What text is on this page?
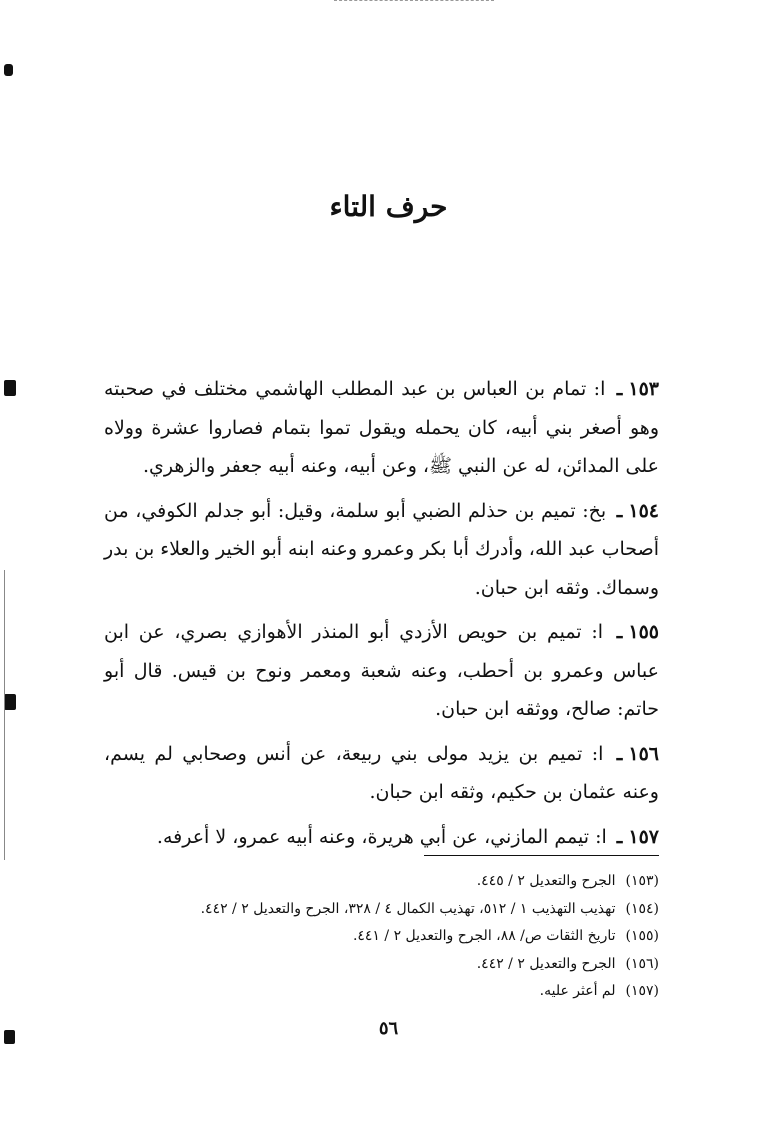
حرف التاء

١٥٣ـ ا: تمام بن العباس بن عبد المطلب الهاشمي مختلف في صحبته وهو أصغر بني أبيه، كان يحمله ويقول تموا بتمام فصاروا عشرة وولاه على المدائن، له عن النبي ﷺ، وعن أبيه، وعنه أبيه جعفر والزهري.

١٥٤ـ بخ: تميم بن حذلم الضبي أبو سلمة، وقيل: أبو جدلم الكوفي، من أصحاب عبد الله، وأدرك أبا بكر وعمرو وعنه ابنه أبو الخير والعلاء بن بدر وسماك. وثقه ابن حبان.

١٥٥ـ ا: تميم بن حويص الأزدي أبو المنذر الأهوازي بصري، عن ابن عباس وعمرو بن أحطب، وعنه شعبة ومعمر ونوح بن قيس. قال أبو حاتم: صالح، ووثقه ابن حبان.

١٥٦ـ ا: تميم بن يزيد مولى بني ربيعة، عن أنس وصحابي لم يسم، وعنه عثمان بن حكيم، وثقه ابن حبان.

١٥٧ـ ا: تيمم المازني، عن أبي هريرة، وعنه أبيه عمرو، لا أعرفه.

(١٥٣)الجرح والتعديل ٢ / ٤٤٥.
(١٥٤)تهذيب التهذيب ١ / ٥١٢، تهذيب الكمال ٤ / ٣٢٨، الجرح والتعديل ٢ / ٤٤٢.
(١٥٥)تاريخ الثقات ص/ ٨٨، الجرح والتعديل ٢ / ٤٤١.
(١٥٦)الجرح والتعديل ٢ / ٤٤٢.
(١٥٧)لم أعثر عليه.
٥٦
